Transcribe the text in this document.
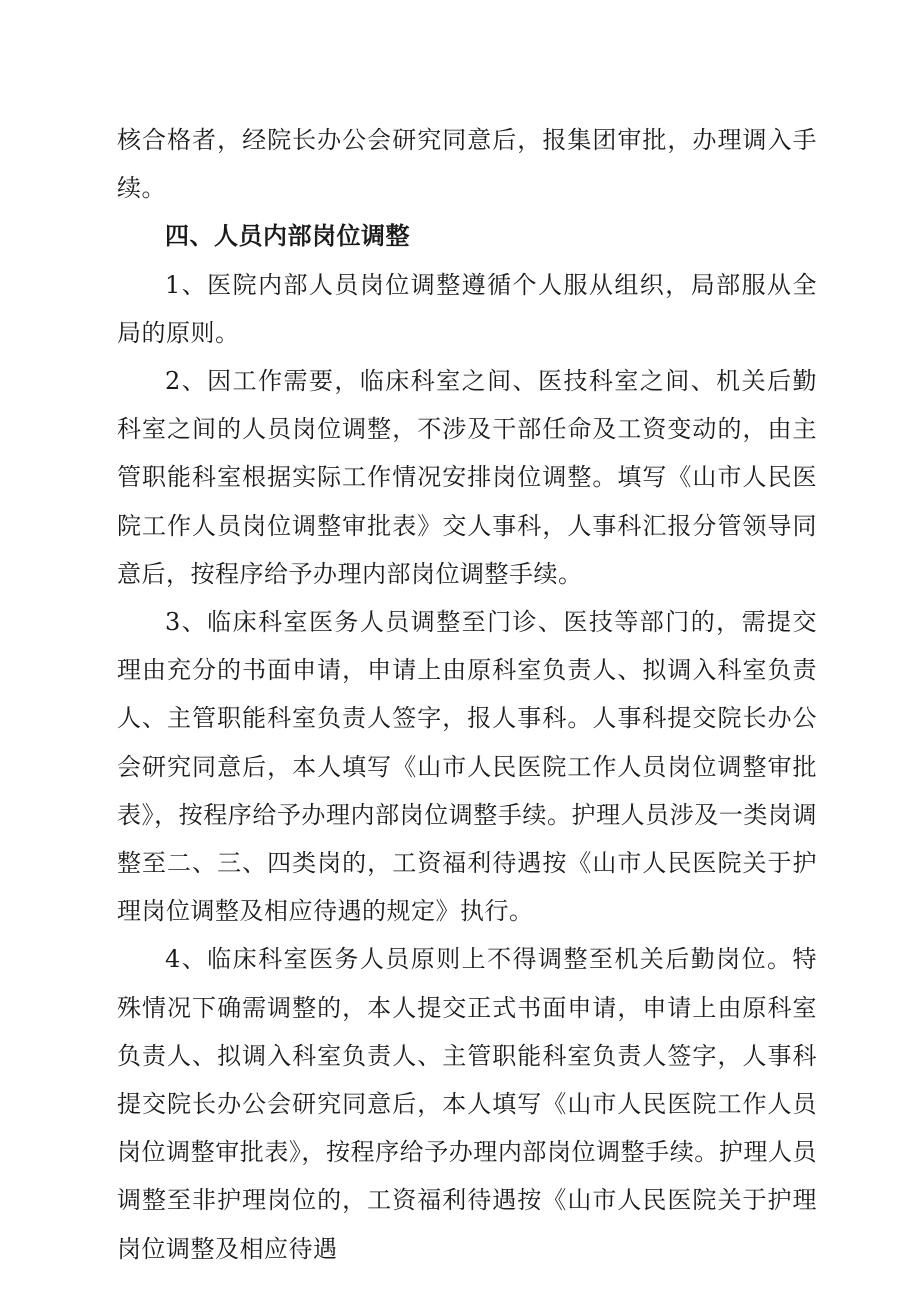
核合格者，经院长办公会研究同意后，报集团审批，办理调入手续。

四、人员内部岗位调整

1、医院内部人员岗位调整遵循个人服从组织，局部服从全局的原则。

2、因工作需要，临床科室之间、医技科室之间、机关后勤科室之间的人员岗位调整，不涉及干部任命及工资变动的，由主管职能科室根据实际工作情况安排岗位调整。填写《山市人民医院工作人员岗位调整审批表》交人事科，人事科汇报分管领导同意后，按程序给予办理内部岗位调整手续。

3、临床科室医务人员调整至门诊、医技等部门的，需提交理由充分的书面申请，申请上由原科室负责人、拟调入科室负责人、主管职能科室负责人签字，报人事科。人事科提交院长办公会研究同意后，本人填写《山市人民医院工作人员岗位调整审批表》，按程序给予办理内部岗位调整手续。护理人员涉及一类岗调整至二、三、四类岗的，工资福利待遇按《山市人民医院关于护理岗位调整及相应待遇的规定》执行。

4、临床科室医务人员原则上不得调整至机关后勤岗位。特殊情况下确需调整的，本人提交正式书面申请，申请上由原科室负责人、拟调入科室负责人、主管职能科室负责人签字，人事科提交院长办公会研究同意后，本人填写《山市人民医院工作人员岗位调整审批表》，按程序给予办理内部岗位调整手续。护理人员调整至非护理岗位的，工资福利待遇按《山市人民医院关于护理岗位调整及相应待遇
